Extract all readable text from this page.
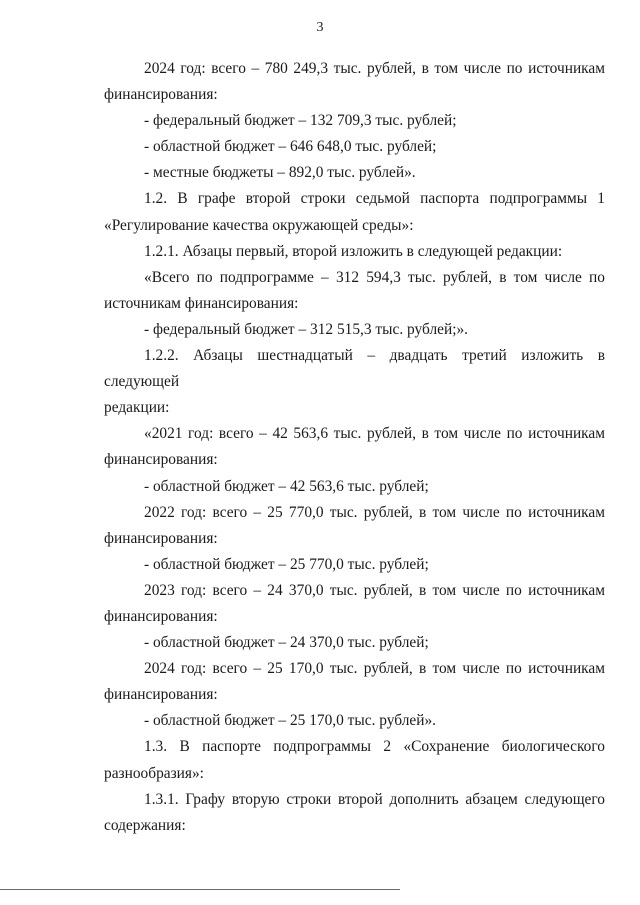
3

2024 год: всего – 780 249,3 тыс. рублей, в том числе по источникам

финансирования:

- федеральный бюджет – 132 709,3 тыс. рублей;

- областной бюджет – 646 648,0 тыс. рублей;

- местные бюджеты – 892,0 тыс. рублей».

1.2. В графе второй строки седьмой паспорта подпрограммы 1

«Регулирование качества окружающей среды»:

1.2.1. Абзацы первый, второй изложить в следующей редакции:

«Всего по подпрограмме – 312 594,3 тыс. рублей, в том числе по

источникам финансирования:

- федеральный бюджет – 312 515,3 тыс. рублей;».

1.2.2. Абзацы шестнадцатый – двадцать третий изложить в следующей

редакции:

«2021 год: всего – 42 563,6 тыс. рублей, в том числе по источникам

финансирования:

- областной бюджет – 42 563,6 тыс. рублей;

2022 год: всего – 25 770,0 тыс. рублей, в том числе по источникам

финансирования:

- областной бюджет – 25 770,0 тыс. рублей;

2023 год: всего – 24 370,0 тыс. рублей, в том числе по источникам

финансирования:

- областной бюджет – 24 370,0 тыс. рублей;

2024 год: всего – 25 170,0 тыс. рублей, в том числе по источникам

финансирования:

- областной бюджет – 25 170,0 тыс. рублей».

1.3. В паспорте подпрограммы 2 «Сохранение биологического

разнообразия»:

1.3.1. Графу вторую строки второй дополнить абзацем следующего

содержания:
